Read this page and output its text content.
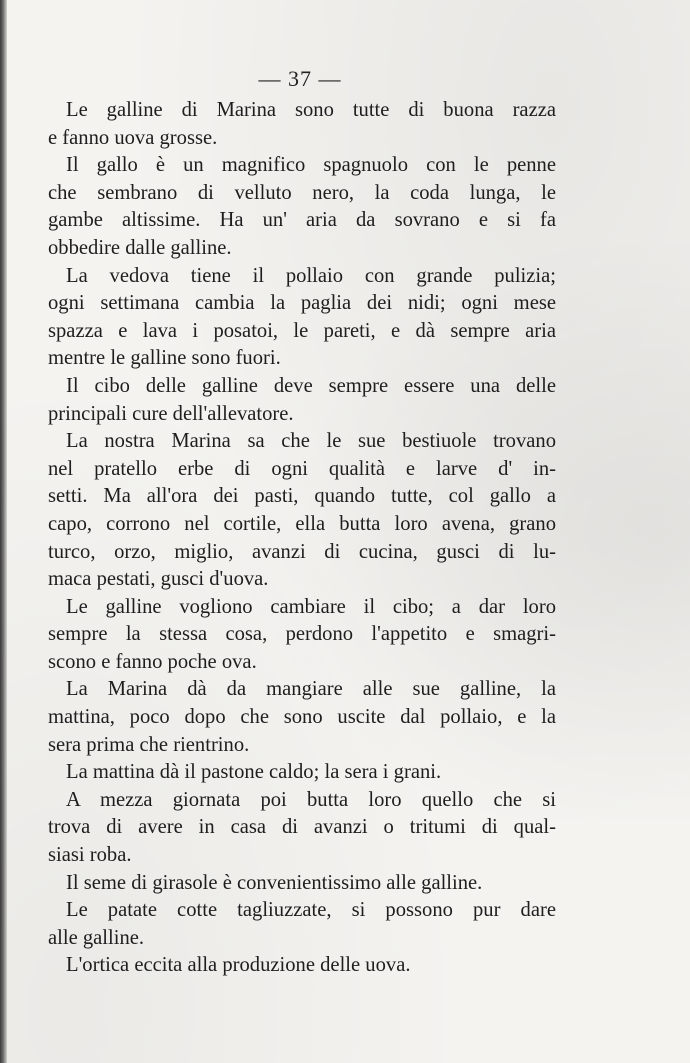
— 37 —
Le galline di Marina sono tutte di buona razza
e fanno uova grosse.
Il gallo è un magnifico spagnuolo con le penne
che sembrano di velluto nero, la coda lunga, le
gambe altissime. Ha un' aria da sovrano e si fa
obbedire dalle galline.
La vedova tiene il pollaio con grande pulizia;
ogni settimana cambia la paglia dei nidi; ogni mese
spazza e lava i posatoi, le pareti, e dà sempre aria
mentre le galline sono fuori.
Il cibo delle galline deve sempre essere una delle
principali cure dell'allevatore.
La nostra Marina sa che le sue bestiuole trovano
nel pratello erbe di ogni qualità e larve d' in-
setti. Ma all'ora dei pasti, quando tutte, col gallo a
capo, corrono nel cortile, ella butta loro avena, grano
turco, orzo, miglio, avanzi di cucina, gusci di lu-
maca pestati, gusci d'uova.
Le galline vogliono cambiare il cibo; a dar loro
sempre la stessa cosa, perdono l'appetito e smagri-
scono e fanno poche ova.
La Marina dà da mangiare alle sue galline, la
mattina, poco dopo che sono uscite dal pollaio, e la
sera prima che rientrino.
La mattina dà il pastone caldo; la sera i grani.
A mezza giornata poi butta loro quello che si
trova di avere in casa di avanzi o tritumi di qual-
siasi roba.
Il seme di girasole è convenientissimo alle galline.
Le patate cotte tagliuzzate, si possono pur dare
alle galline.
L'ortica eccita alla produzione delle uova.
